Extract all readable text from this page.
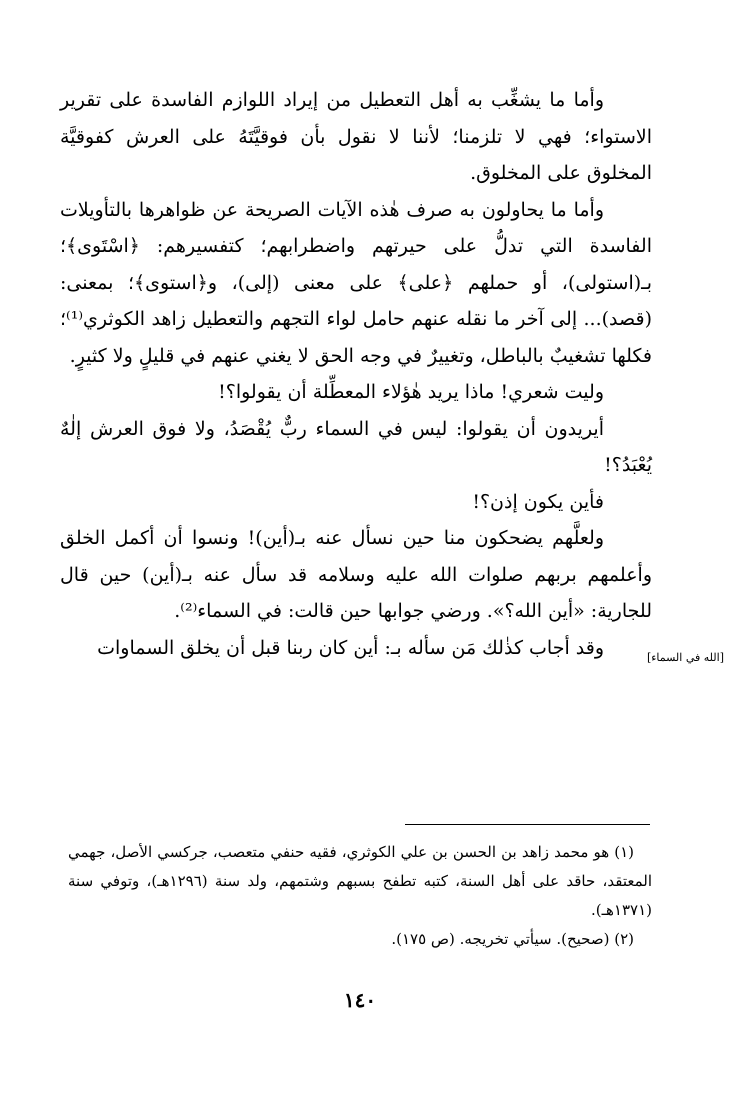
وأما ما يشغِّب به أهل التعطيل من إيراد اللوازم الفاسدة على تقرير الاستواء؛ فهي لا تلزمنا؛ لأننا لا نقول بأن فوقيَّتَهُ على العرش كفوقيَّة المخلوق على المخلوق.

وأما ما يحاولون به صرف هٰذه الآيات الصريحة عن ظواهرها بالتأويلات الفاسدة التي تدلُّ على حيرتهم واضطرابهم؛ كتفسيرهم: ﴿اسْتَوى﴾؛ بـ(استولى)، أو حملهم ﴿على﴾ على معنى (إلى)، و﴿استوى﴾؛ بمعنى: (قصد)... إلى آخر ما نقله عنهم حامل لواء التجهم والتعطيل زاهد الكوثري⁽¹⁾؛ فكلها تشغيبٌ بالباطل، وتغييرٌ في وجه الحق لا يغني عنهم في قليلٍ ولا كثيرٍ.

وليت شعري! ماذا يريد هٰؤلاء المعطِّلة أن يقولوا؟!

أيريدون أن يقولوا: ليس في السماء ربٌّ يُقْصَدُ، ولا فوق العرش إلٰهٌ يُعْبَدُ؟!

فأين يكون إذن؟!

ولعلَّهم يضحكون منا حين نسأل عنه بـ(أين)! ونسوا أن أكمل الخلق وأعلمهم بربهم صلوات الله عليه وسلامه قد سأل عنه بـ(أين) حين قال للجارية: «أين الله؟». ورضي جوابها حين قالت: في السماء⁽²⁾.

وقد أجاب كذٰلك مَن سأله بـ: أين كان ربنا قبل أن يخلق السماوات	[الله في السماء]

(١) هو محمد زاهد بن الحسن بن علي الكوثري، فقيه حنفي متعصب، جركسي الأصل، جهمي المعتقد، حاقد على أهل السنة، كتبه تطفح بسبهم وشتمهم، ولد سنة (١٢٩٦هـ)، وتوفي سنة (١٣٧١هـ).

(٢) (صحيح). سيأتي تخريجه. (ص ١٧٥).

١٤٠
